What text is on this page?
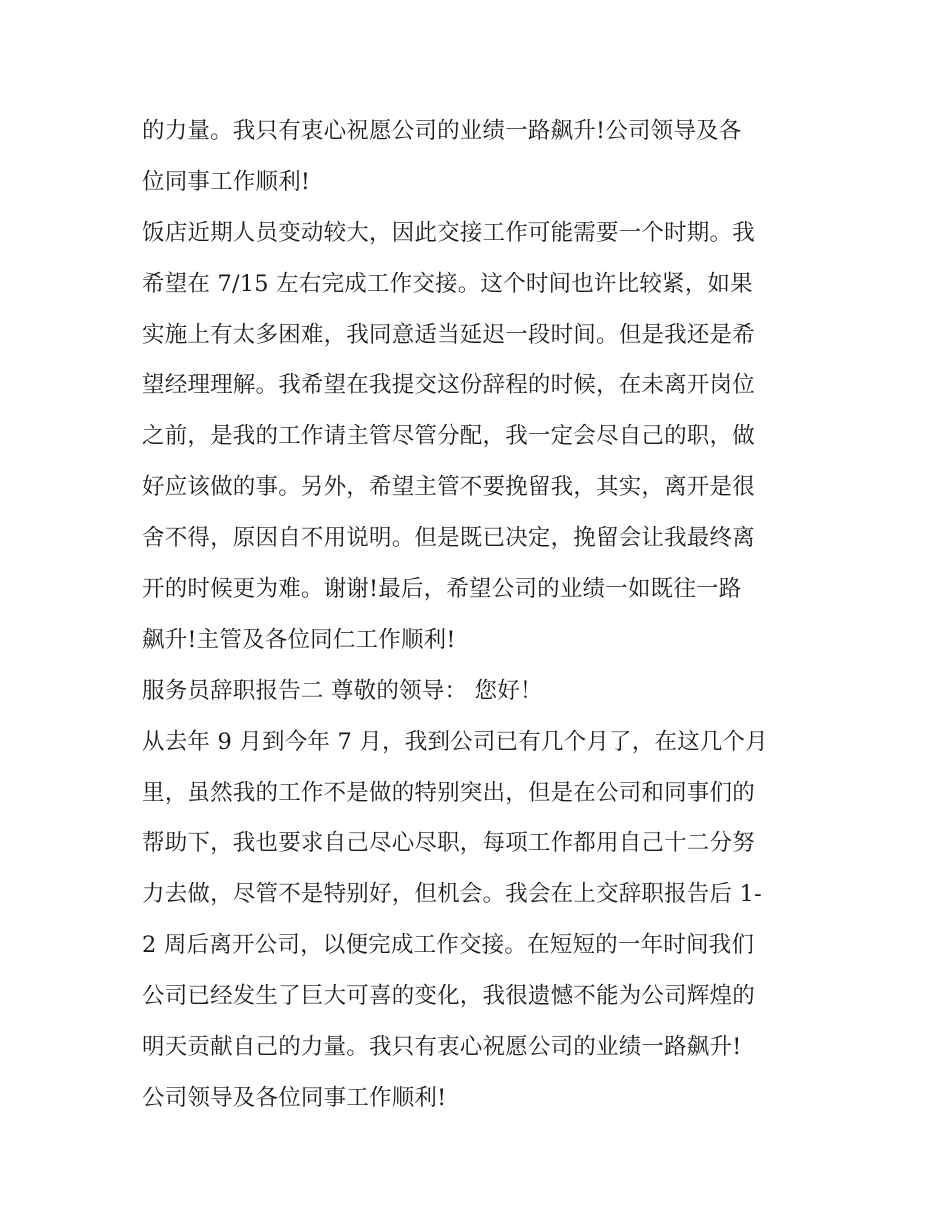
的力量。我只有衷心祝愿公司的业绩一路飙升!公司领导及各
位同事工作顺利!
饭店近期人员变动较大，因此交接工作可能需要一个时期。我
希望在 7/15 左右完成工作交接。这个时间也许比较紧，如果
实施上有太多困难，我同意适当延迟一段时间。但是我还是希
望经理理解。我希望在我提交这份辞程的时候，在未离开岗位
之前，是我的工作请主管尽管分配，我一定会尽自己的职，做
好应该做的事。另外，希望主管不要挽留我，其实，离开是很
舍不得，原因自不用说明。但是既已决定，挽留会让我最终离
开的时候更为难。谢谢!最后，希望公司的业绩一如既往一路
飙升!主管及各位同仁工作顺利!
服务员辞职报告二 尊敬的领导： 您好！
从去年 9 月到今年 7 月，我到公司已有几个月了，在这几个月
里，虽然我的工作不是做的特别突出，但是在公司和同事们的
帮助下，我也要求自己尽心尽职，每项工作都用自己十二分努
力去做，尽管不是特别好，但机会。我会在上交辞职报告后 1-
2 周后离开公司，以便完成工作交接。在短短的一年时间我们
公司已经发生了巨大可喜的变化，我很遗憾不能为公司辉煌的
明天贡献自己的力量。我只有衷心祝愿公司的业绩一路飙升!
公司领导及各位同事工作顺利!
